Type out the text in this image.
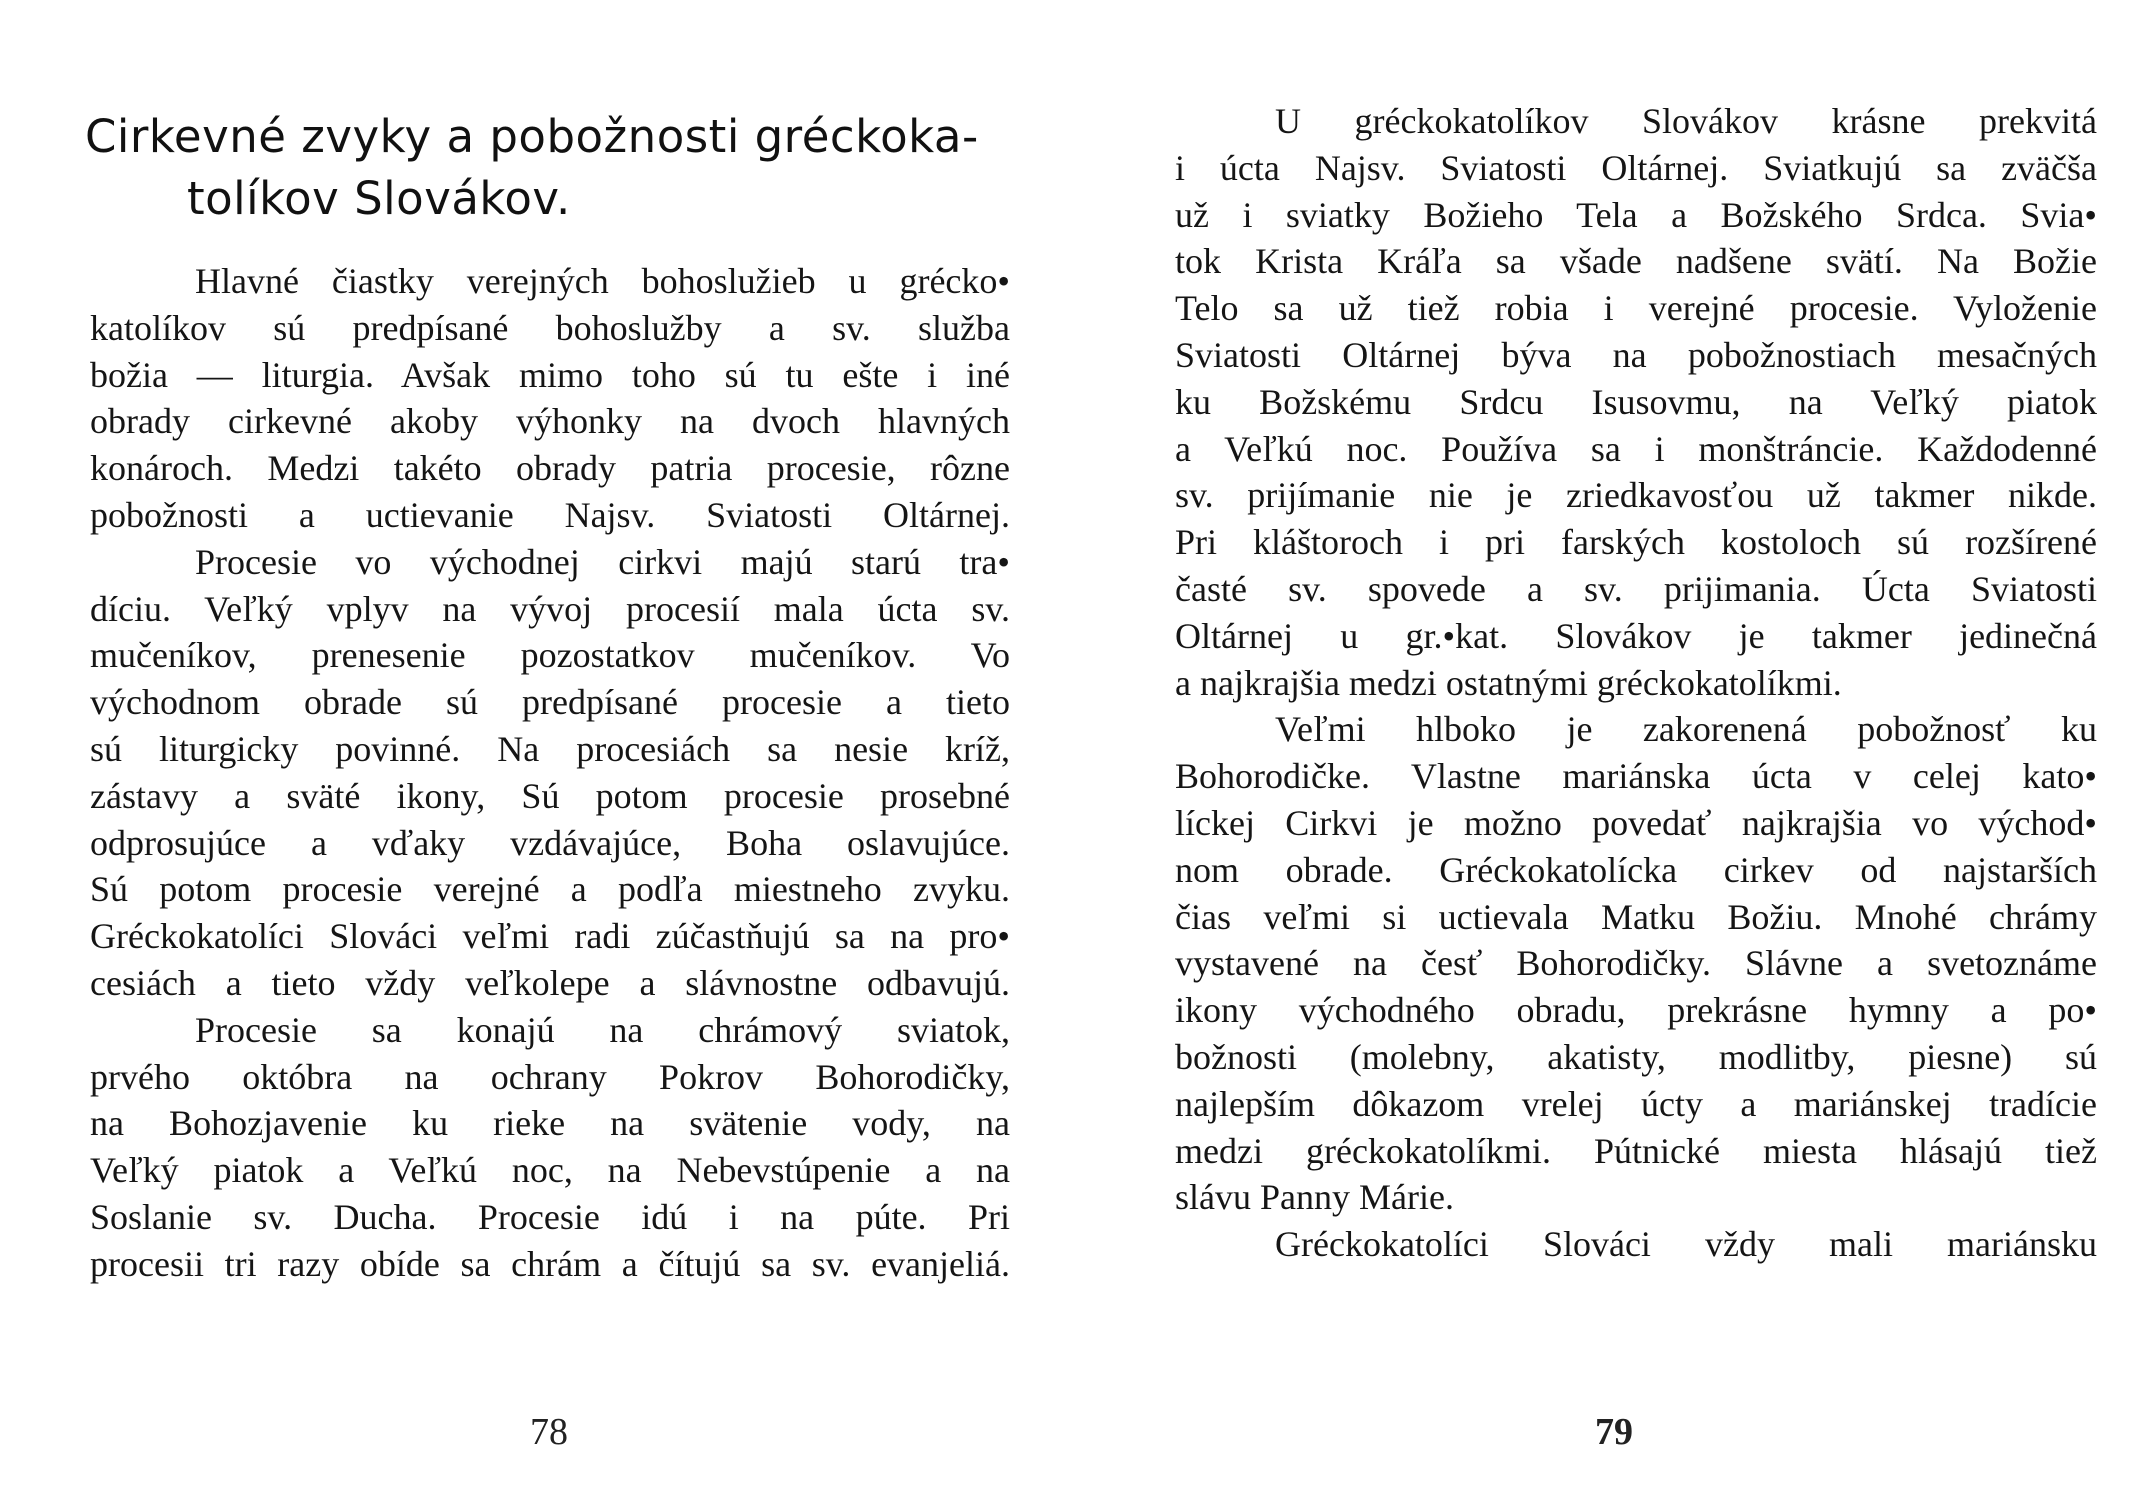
Cirkevné zvyky a pobožnosti gréckoka-
tolíkov Slovákov.
Hlavné čiastky verejných bohoslužieb u grécko•
katolíkov sú predpísané bohoslužby a sv. služba
božia — liturgia. Avšak mimo toho sú tu ešte i iné
obrady cirkevné akoby výhonky na dvoch hlavných
konároch. Medzi takéto obrady patria procesie, rôzne
pobožnosti a uctievanie Najsv. Sviatosti Oltárnej.
Procesie vo východnej cirkvi majú starú tra•
díciu. Veľký vplyv na vývoj procesií mala úcta sv.
mučeníkov, prenesenie pozostatkov mučeníkov. Vo
východnom obrade sú predpísané procesie a tieto
sú liturgicky povinné. Na procesiách sa nesie kríž,
zástavy a sväté ikony, Sú potom procesie prosebné
odprosujúce a vďaky vzdávajúce, Boha oslavujúce.
Sú potom procesie verejné a podľa miestneho zvyku.
Gréckokatolíci Slováci veľmi radi zúčastňujú sa na pro•
cesiách a tieto vždy veľkolepe a slávnostne odbavujú.
Procesie sa konajú na chrámový sviatok,
prvého októbra na ochrany Pokrov Bohorodičky,
na Bohozjavenie ku rieke na svätenie vody, na
Veľký piatok a Veľkú noc, na Nebevstúpenie a na
Soslanie sv. Ducha. Procesie idú i na púte. Pri
procesii tri razy obíde sa chrám a čítujú sa sv. evanjeliá.
78
U gréckokatolíkov Slovákov krásne prekvitá
i úcta Najsv. Sviatosti Oltárnej. Sviatkujú sa zväčša
už i sviatky Božieho Tela a Božského Srdca. Svia•
tok Krista Kráľa sa všade nadšene svätí. Na Božie
Telo sa už tiež robia i verejné procesie. Vyloženie
Sviatosti Oltárnej býva na pobožnostiach mesačných
ku Božskému Srdcu Isusovmu, na Veľký piatok
a Veľkú noc. Používa sa i monštráncie. Každodenné
sv. prijímanie nie je zriedkavosťou už takmer nikde.
Pri kláštoroch i pri farských kostoloch sú rozšírené
časté sv. spovede a sv. prijimania. Úcta Sviatosti
Oltárnej u gr.•kat. Slovákov je takmer jedinečná
a najkrajšia medzi ostatnými gréckokatolíkmi.
Veľmi hlboko je zakorenená pobožnosť ku
Bohorodičke. Vlastne mariánska úcta v celej kato•
líckej Cirkvi je možno povedať najkrajšia vo východ•
nom obrade. Gréckokatolícka cirkev od najstarších
čias veľmi si uctievala Matku Božiu. Mnohé chrámy
vystavené na česť Bohorodičky. Slávne a svetoznáme
ikony východného obradu, prekrásne hymny a po•
božnosti (molebny, akatisty, modlitby, piesne) sú
najlepším dôkazom vrelej úcty a mariánskej tradície
medzi gréckokatolíkmi. Pútnické miesta hlásajú tiež
slávu Panny Márie.
Gréckokatolíci Slováci vždy mali mariánsku
79
